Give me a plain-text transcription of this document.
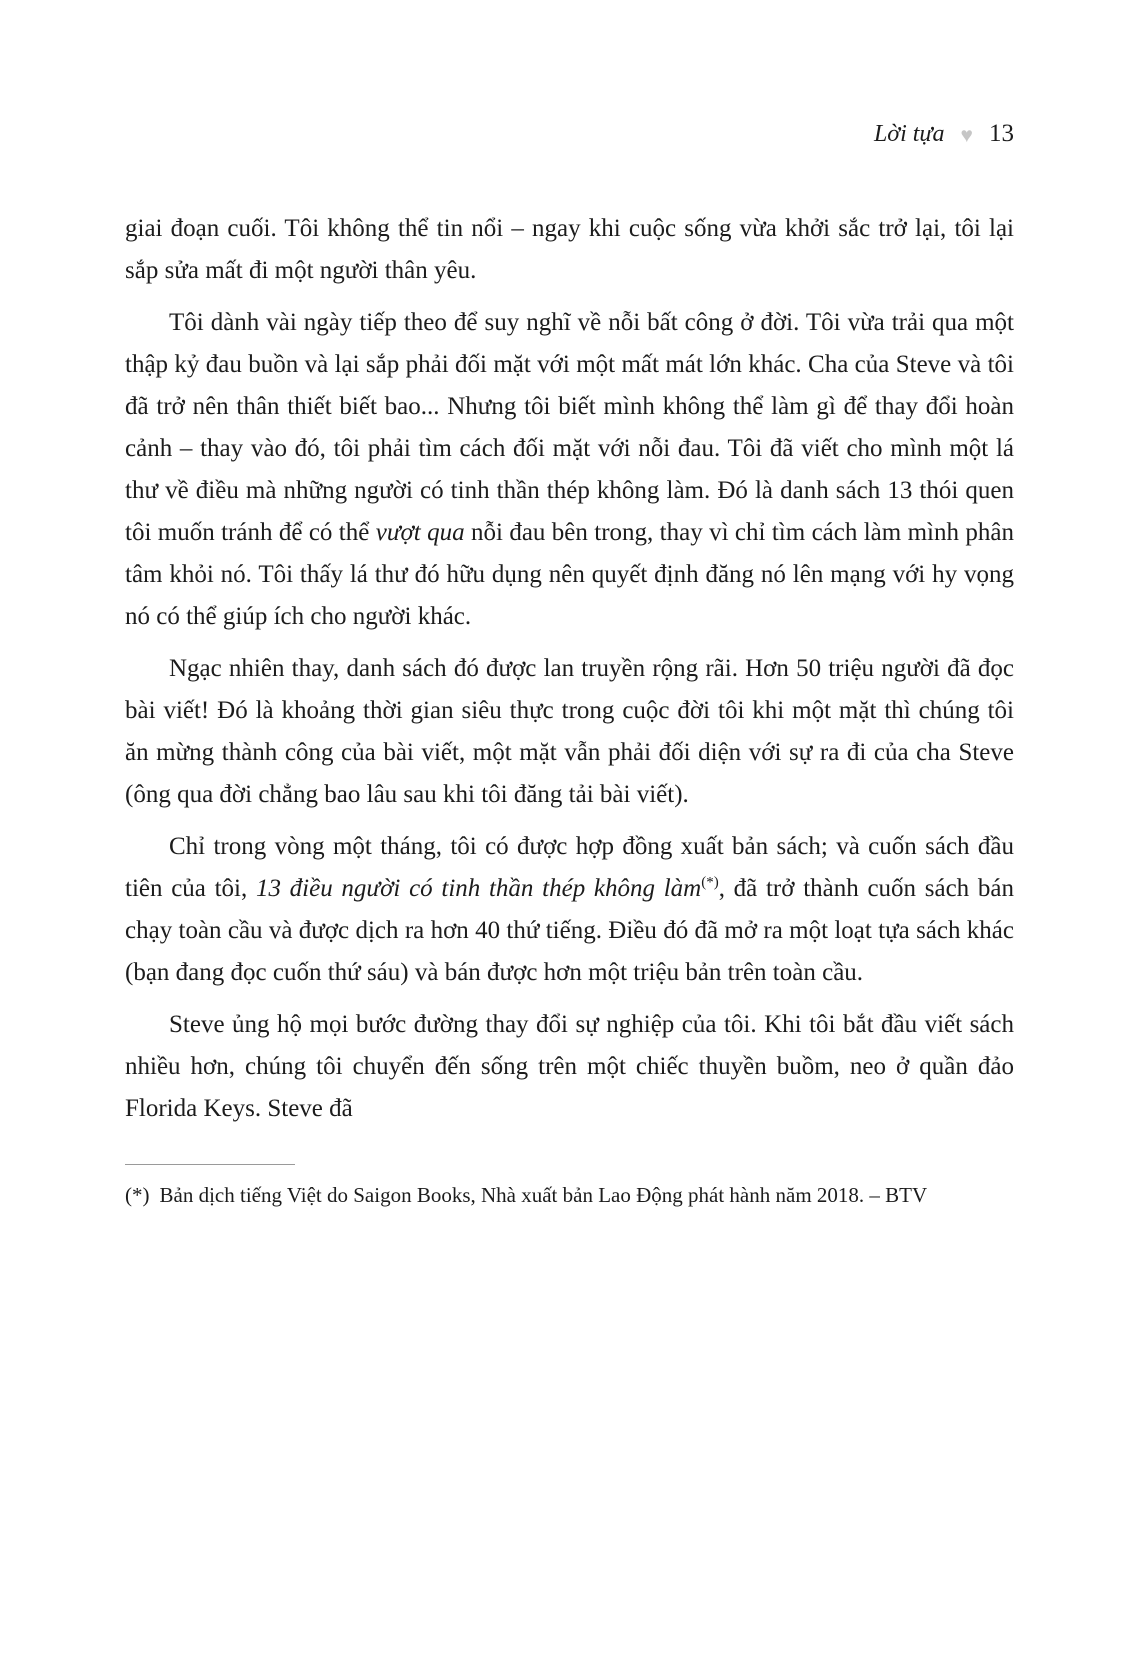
Lời tựa ♥ 13

giai đoạn cuối. Tôi không thể tin nổi – ngay khi cuộc sống vừa khởi sắc trở lại, tôi lại sắp sửa mất đi một người thân yêu.

Tôi dành vài ngày tiếp theo để suy nghĩ về nỗi bất công ở đời. Tôi vừa trải qua một thập kỷ đau buồn và lại sắp phải đối mặt với một mất mát lớn khác. Cha của Steve và tôi đã trở nên thân thiết biết bao... Nhưng tôi biết mình không thể làm gì để thay đổi hoàn cảnh – thay vào đó, tôi phải tìm cách đối mặt với nỗi đau. Tôi đã viết cho mình một lá thư về điều mà những người có tinh thần thép không làm. Đó là danh sách 13 thói quen tôi muốn tránh để có thể vượt qua nỗi đau bên trong, thay vì chỉ tìm cách làm mình phân tâm khỏi nó. Tôi thấy lá thư đó hữu dụng nên quyết định đăng nó lên mạng với hy vọng nó có thể giúp ích cho người khác.

Ngạc nhiên thay, danh sách đó được lan truyền rộng rãi. Hơn 50 triệu người đã đọc bài viết! Đó là khoảng thời gian siêu thực trong cuộc đời tôi khi một mặt thì chúng tôi ăn mừng thành công của bài viết, một mặt vẫn phải đối diện với sự ra đi của cha Steve (ông qua đời chẳng bao lâu sau khi tôi đăng tải bài viết).

Chỉ trong vòng một tháng, tôi có được hợp đồng xuất bản sách; và cuốn sách đầu tiên của tôi, 13 điều người có tinh thần thép không làm(*), đã trở thành cuốn sách bán chạy toàn cầu và được dịch ra hơn 40 thứ tiếng. Điều đó đã mở ra một loạt tựa sách khác (bạn đang đọc cuốn thứ sáu) và bán được hơn một triệu bản trên toàn cầu.

Steve ủng hộ mọi bước đường thay đổi sự nghiệp của tôi. Khi tôi bắt đầu viết sách nhiều hơn, chúng tôi chuyển đến sống trên một chiếc thuyền buồm, neo ở quần đảo Florida Keys. Steve đã

(*) Bản dịch tiếng Việt do Saigon Books, Nhà xuất bản Lao Động phát hành năm 2018. – BTV
